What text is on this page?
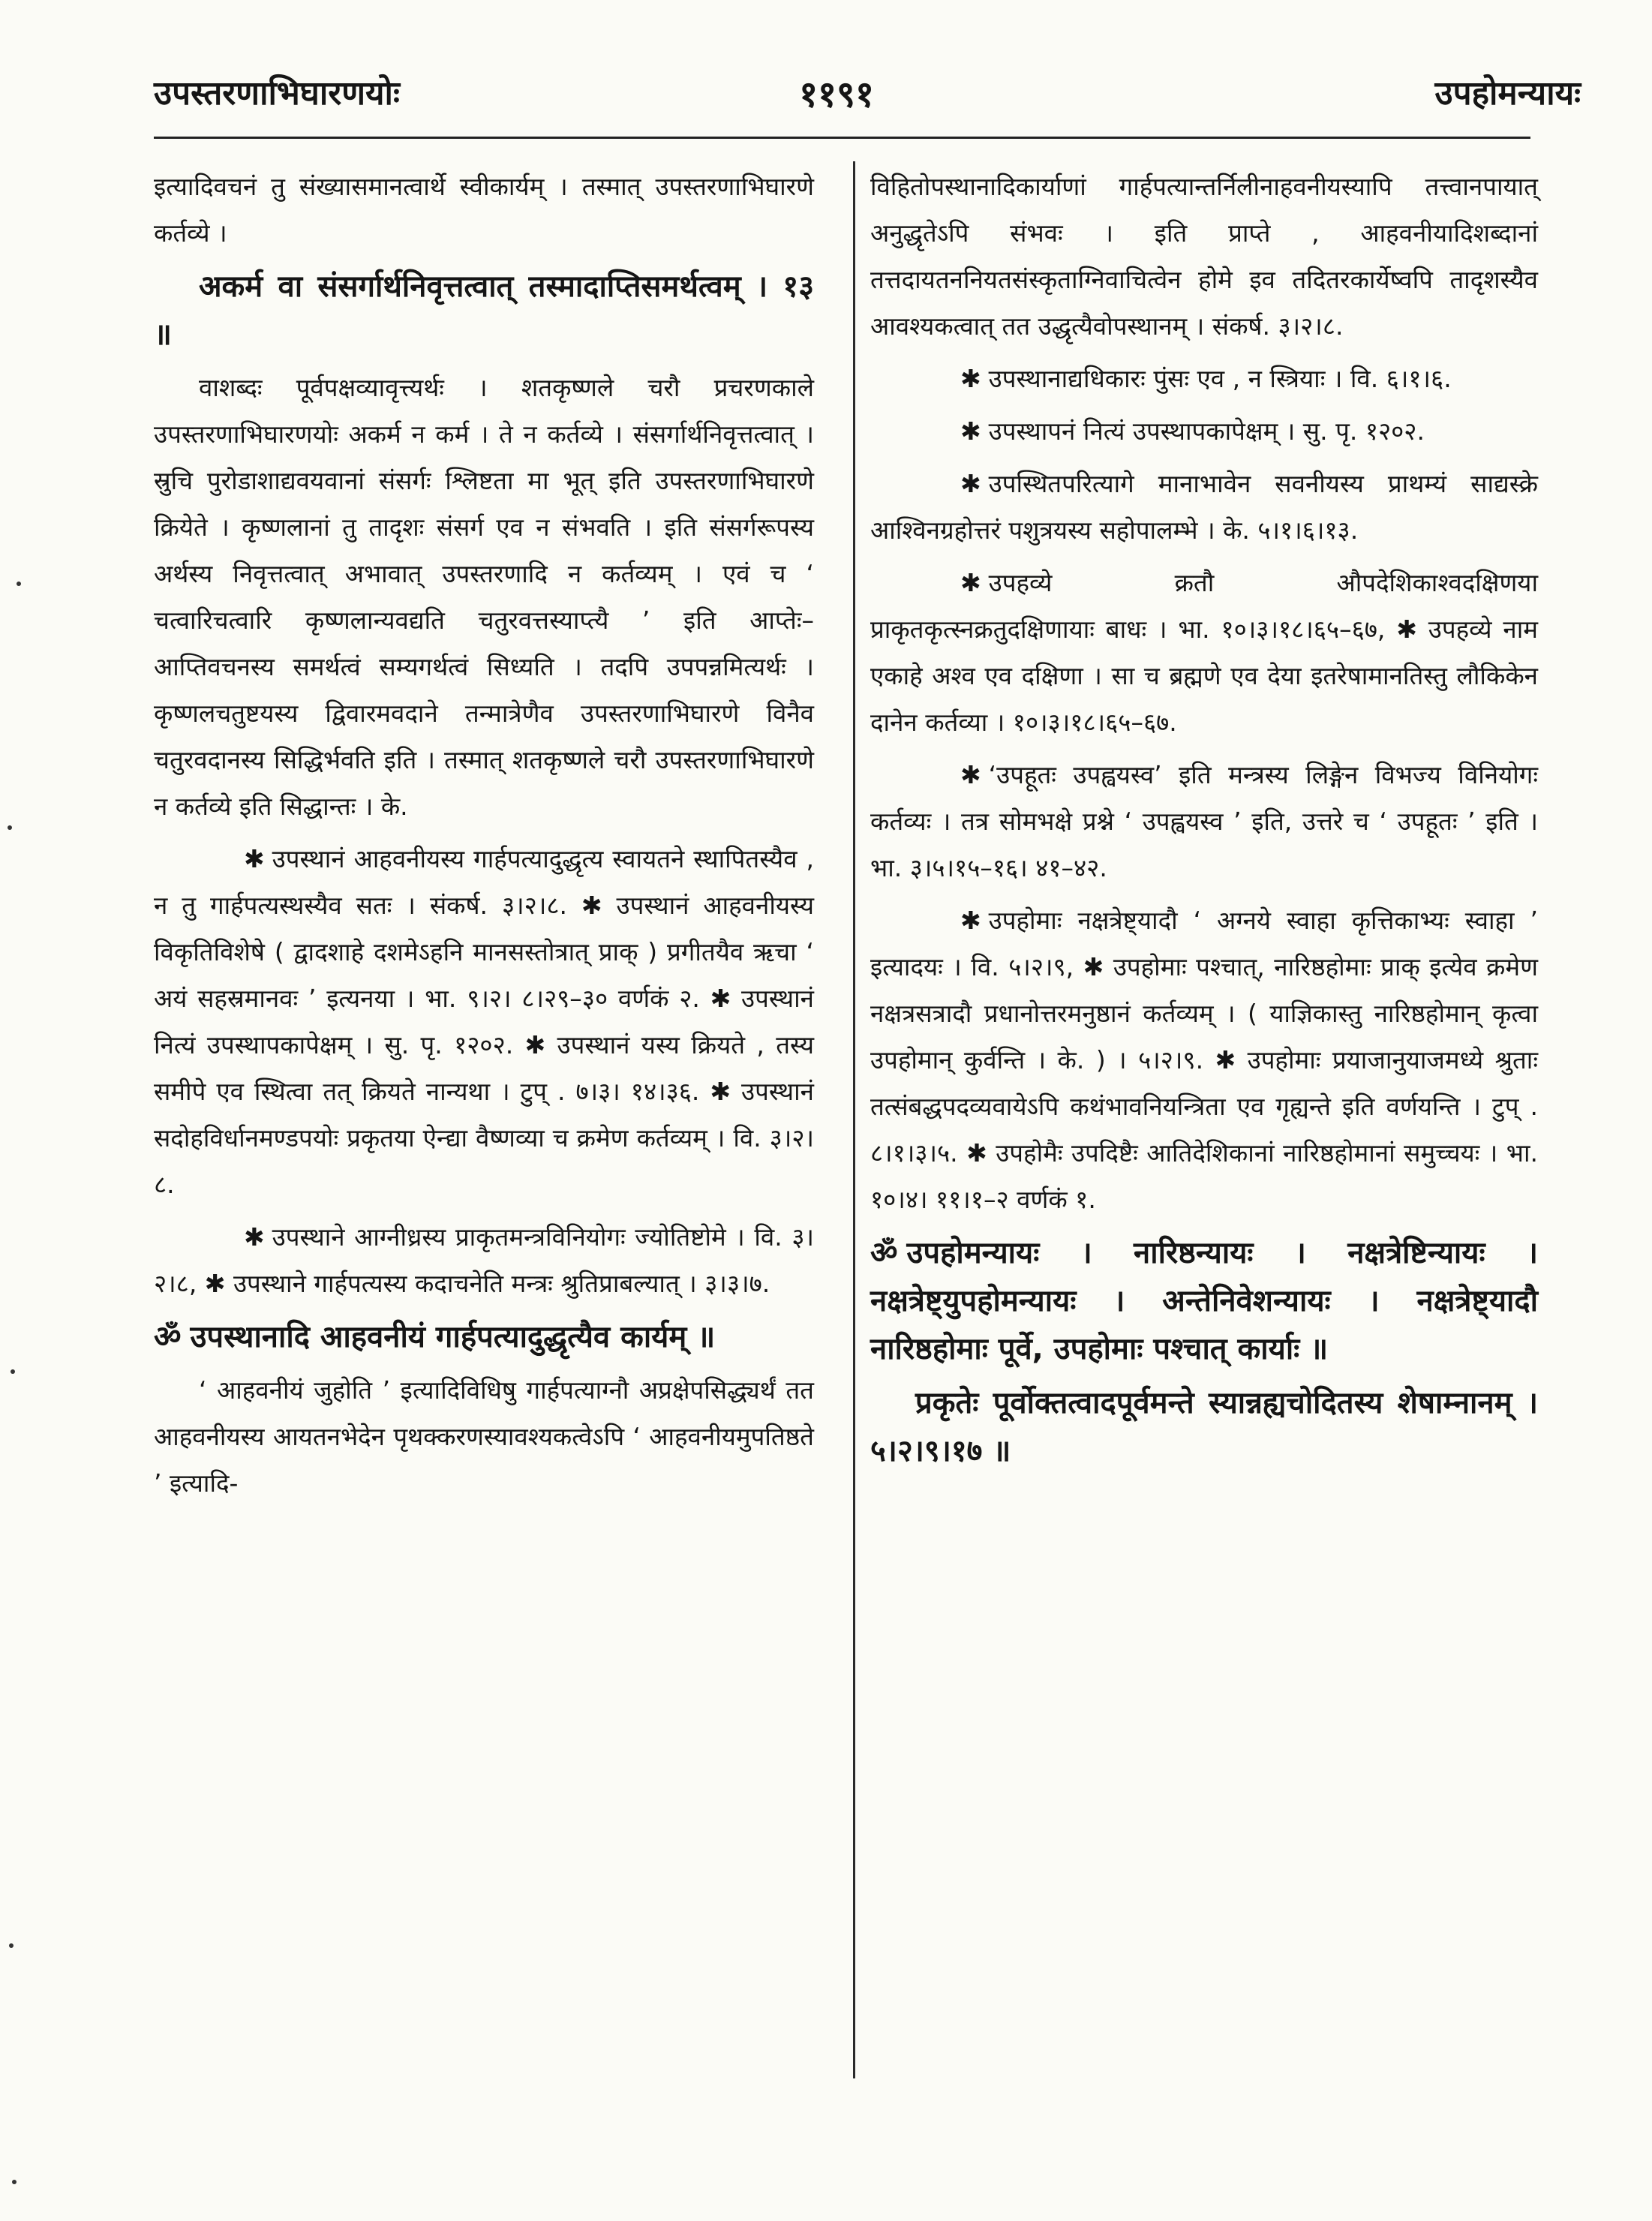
उपस्तरणाभिघारणयोः	११९१	उपहोमन्यायः

इत्यादिवचनं तु संख्यासमानत्वार्थे स्वीकार्यम् । तस्मात् उपस्तरणाभिघारणे कर्तव्ये ।

अकर्म वा संसर्गार्थनिवृत्तत्वात् तस्मादाप्तिसमर्थत्वम् । १३ ॥

वाशब्दः पूर्वपक्षव्यावृत्त्यर्थः । शतकृष्णले चरौ प्रचरणकाले उपस्तरणाभिघारणयोः अकर्म न कर्म । ते न कर्तव्ये । संसर्गार्थनिवृत्तत्वात् । स्रुचि पुरोडाशाद्यवयवानां संसर्गः श्लिष्टता मा भूत् इति उपस्तरणाभिघारणे क्रियेते । कृष्णलानां तु तादृशः संसर्ग एव न संभवति । इति संसर्गरूपस्य अर्थस्य निवृत्तत्वात् अभावात् उपस्तरणादि न कर्तव्यम् । एवं च ‘ चत्वारिचत्वारि कृष्णलान्यवद्यति चतुरवत्तस्याप्त्यै ’ इति आप्तेः– आप्तिवचनस्य समर्थत्वं सम्यगर्थत्वं सिध्यति । तदपि उपपन्नमित्यर्थः । कृष्णलचतुष्टयस्य द्विवारमवदाने तन्मात्रेणैव उपस्तरणाभिघारणे विनैव चतुरवदानस्य सिद्धिर्भवति इति । तस्मात् शतकृष्णले चरौ उपस्तरणाभिघारणे न कर्तव्ये इति सिद्धान्तः । के.

✱ उपस्थानं आहवनीयस्य गार्हपत्यादुद्धृत्य स्वायतने स्थापितस्यैव , न तु गार्हपत्यस्थस्यैव सतः । संकर्ष. ३।२।८. ✱ उपस्थानं आहवनीयस्य विकृतिविशेषे ( द्वादशाहे दशमेऽहनि मानसस्तोत्रात् प्राक् ) प्रगीतयैव ऋचा ‘ अयं सहस्रमानवः ’ इत्यनया । भा. ९।२। ८।२९–३० वर्णकं २. ✱ उपस्थानं नित्यं उपस्थापकापेक्षम् । सु. पृ. १२०२. ✱ उपस्थानं यस्य क्रियते , तस्य समीपे एव स्थित्वा तत् क्रियते नान्यथा । टुप् . ७।३। १४।३६. ✱ उपस्थानं सदोहविर्धानमण्डपयोः प्रकृतया ऐन्द्या वैष्णव्या च क्रमेण कर्तव्यम् । वि. ३।२।८.

✱ उपस्थाने आग्नीध्रस्य प्राकृतमन्त्रविनियोगः ज्योतिष्टोमे । वि. ३।२।८, ✱ उपस्थाने गार्हपत्यस्य कदाचनेति मन्त्रः श्रुतिप्राबल्यात् । ३।३।७.

ॐ उपस्थानादि आहवनीयं गार्हपत्यादुद्धृत्यैव कार्यम् ॥

‘ आहवनीयं जुहोति ’ इत्यादिविधिषु गार्हपत्याग्नौ अप्रक्षेपसिद्ध्यर्थं तत आहवनीयस्य आयतनभेदेन पृथक्करणस्यावश्यकत्वेऽपि ‘ आहवनीयमुपतिष्ठते ’ इत्यादि-

विहितोपस्थानादिकार्याणां गार्हपत्यान्तर्निलीनाहवनीयस्यापि तत्त्वानपायात् अनुद्धृतेऽपि संभवः । इति प्राप्ते , आहवनीयादिशब्दानां तत्तदायतननियतसंस्कृताग्निवाचित्वेन होमे इव तदितरकार्येष्वपि तादृशस्यैव आवश्यकत्वात् तत उद्धृत्यैवोपस्थानम् । संकर्ष. ३।२।८.

✱ उपस्थानाद्यधिकारः पुंसः एव , न स्त्रियाः । वि. ६।१।६.

✱ उपस्थापनं नित्यं उपस्थापकापेक्षम् । सु. पृ. १२०२.

✱ उपस्थितपरित्यागे मानाभावेन सवनीयस्य प्राथम्यं साद्यस्क्रे आश्विनग्रहोत्तरं पशुत्रयस्य सहोपालम्भे । के. ५।१।६।१३.

✱ उपहव्ये क्रतौ औपदेशिकाश्वदक्षिणया प्राकृतकृत्स्नक्रतुदक्षिणायाः बाधः । भा. १०।३।१८।६५–६७, ✱ उपहव्ये नाम एकाहे अश्व एव दक्षिणा । सा च ब्रह्मणे एव देया इतरेषामानतिस्तु लौकिकेन दानेन कर्तव्या । १०।३।१८।६५–६७.

✱ ‘उपहूतः उपह्वयस्व’ इति मन्त्रस्य लिङ्गेन विभज्य विनियोगः कर्तव्यः । तत्र सोमभक्षे प्रश्ने ‘ उपह्वयस्व ’ इति, उत्तरे च ‘ उपहूतः ’ इति । भा. ३।५।१५–१६। ४१–४२.

✱ उपहोमाः नक्षत्रेष्ट्यादौ ‘ अग्नये स्वाहा कृत्तिकाभ्यः स्वाहा ’ इत्यादयः । वि. ५।२।९, ✱ उपहोमाः पश्चात्, नारिष्ठहोमाः प्राक् इत्येव क्रमेण नक्षत्रसत्रादौ प्रधानोत्तरमनुष्ठानं कर्तव्यम् । ( याज्ञिकास्तु नारिष्ठहोमान् कृत्वा उपहोमान् कुर्वन्ति । के. ) । ५।२।९. ✱ उपहोमाः प्रयाजानुयाजमध्ये श्रुताः तत्संबद्धपदव्यवायेऽपि कथंभावनियन्त्रिता एव गृह्यन्ते इति वर्णयन्ति । टुप् . ८।१।३।५. ✱ उपहोमैः उपदिष्टैः आतिदेशिकानां नारिष्ठहोमानां समुच्चयः । भा. १०।४। ११।१–२ वर्णकं १.

ॐ उपहोमन्यायः । नारिष्ठन्यायः । नक्षत्रेष्टिन्यायः । नक्षत्रेष्ट्युपहोमन्यायः । अन्तेनिवेशन्यायः । नक्षत्रेष्ट्यादौ नारिष्ठहोमाः पूर्वे, उपहोमाः पश्चात् कार्याः ॥

प्रकृतेः पूर्वोक्तत्वादपूर्वमन्ते स्यान्नह्यचोदितस्य शेषाम्नानम् । ५।२।९।१७ ॥
